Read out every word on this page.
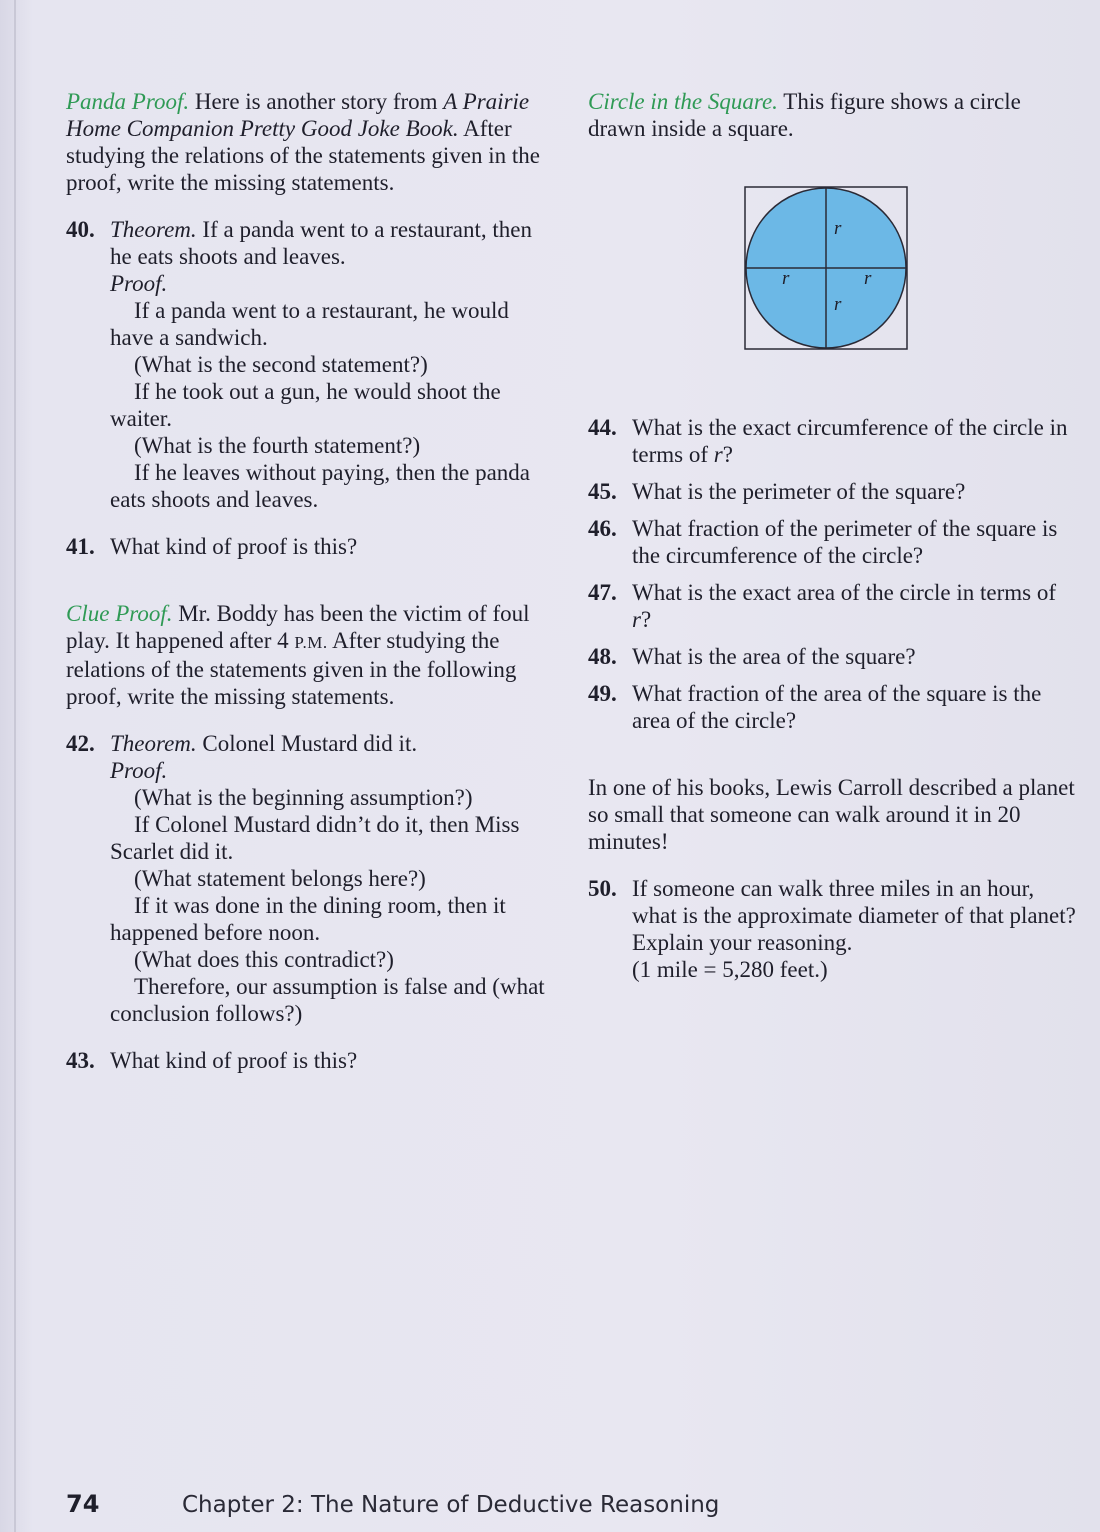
Panda Proof. Here is another story from A Prairie Home Companion Pretty Good Joke Book. After studying the relations of the statements given in the proof, write the missing statements.

40. Theorem. If a panda went to a restaurant, then he eats shoots and leaves.

Proof.

If a panda went to a restaurant, he would have a sandwich.

(What is the second statement?)

If he took out a gun, he would shoot the waiter.

(What is the fourth statement?)

If he leaves without paying, then the panda eats shoots and leaves.

41. What kind of proof is this?

Clue Proof. Mr. Boddy has been the victim of foul play. It happened after 4 P.M. After studying the relations of the statements given in the following proof, write the missing statements.

42. Theorem. Colonel Mustard did it.

Proof.

(What is the beginning assumption?)

If Colonel Mustard didn’t do it, then Miss Scarlet did it.

(What statement belongs here?)

If it was done in the dining room, then it happened before noon.

(What does this contradict?)

Therefore, our assumption is false and (what conclusion follows?)

43. What kind of proof is this?

Circle in the Square. This figure shows a circle drawn inside a square.

44. What is the exact circumference of the circle in terms of r?

45. What is the perimeter of the square?

46. What fraction of the perimeter of the square is the circumference of the circle?

47. What is the exact area of the circle in terms of r?

48. What is the area of the square?

49. What fraction of the area of the square is the area of the circle?

In one of his books, Lewis Carroll described a planet so small that someone can walk around it in 20 minutes!

50. If someone can walk three miles in an hour, what is the approximate diameter of that planet? Explain your reasoning.

(1 mile = 5,280 feet.)

r
r	r
r
74	Chapter 2: The Nature of Deductive Reasoning
